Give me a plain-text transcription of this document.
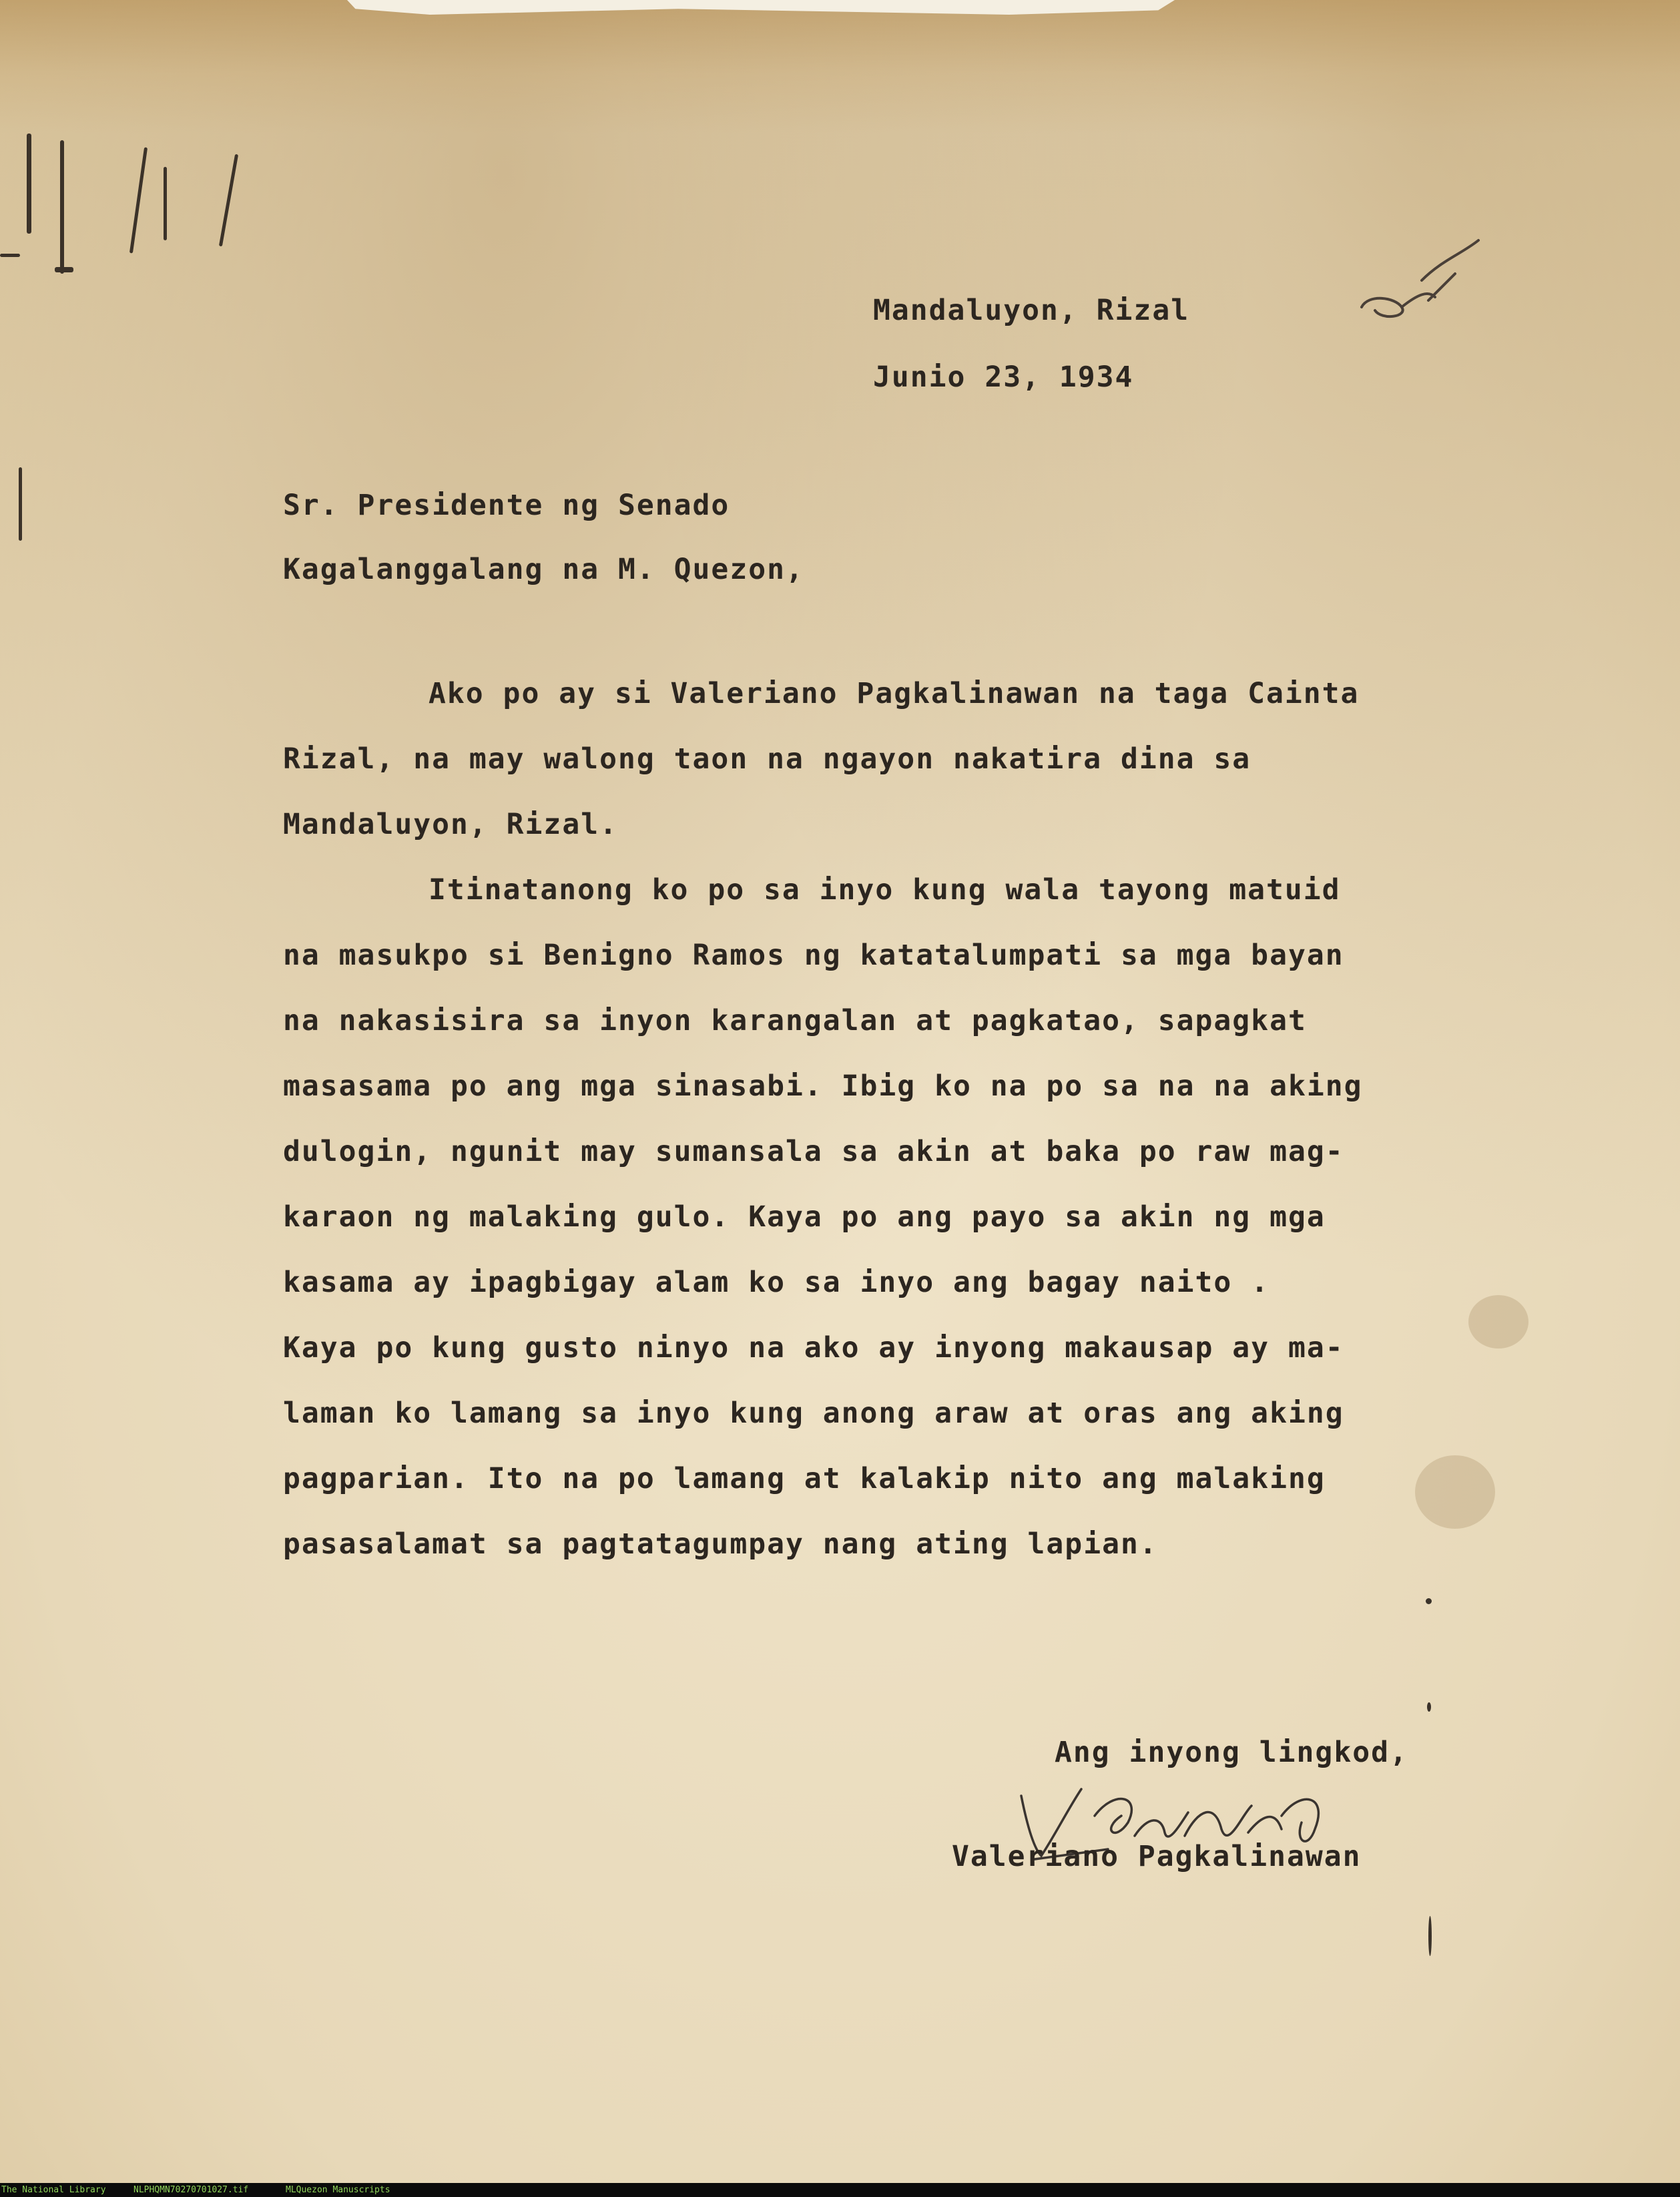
Mandaluyon, Rizal

Junio 23, 1934

Sr. Presidente ng Senado

Kagalanggalang na M. Quezon,

Ako po ay si Valeriano Pagkalinawan na taga Cainta

Rizal, na may walong taon na ngayon nakatira dina sa

Mandaluyon, Rizal.

Itinatanong ko po sa inyo kung wala tayong matuid

na masukpo si Benigno Ramos ng katatalumpati sa mga bayan

na nakasisira sa inyon karangalan at pagkatao, sapagkat

masasama po ang mga sinasabi. Ibig ko na po sa na na aking

dulogin, ngunit may sumansala sa akin at baka po raw mag-

karaon ng malaking gulo. Kaya po ang payo sa akin ng mga

kasama ay ipagbigay alam ko sa inyo ang bagay naito .

Kaya po kung gusto ninyo na ako ay inyong makausap ay ma-

laman ko lamang sa inyo kung anong araw at oras ang aking

pagparian. Ito na po lamang at kalakip nito ang malaking

pasasalamat sa pagtatagumpay nang ating lapian.

Ang inyong lingkod,

Valeriano Pagkalinawan

The National Library	NLPHQMN70270701027.tif	MLQuezon Manuscripts
